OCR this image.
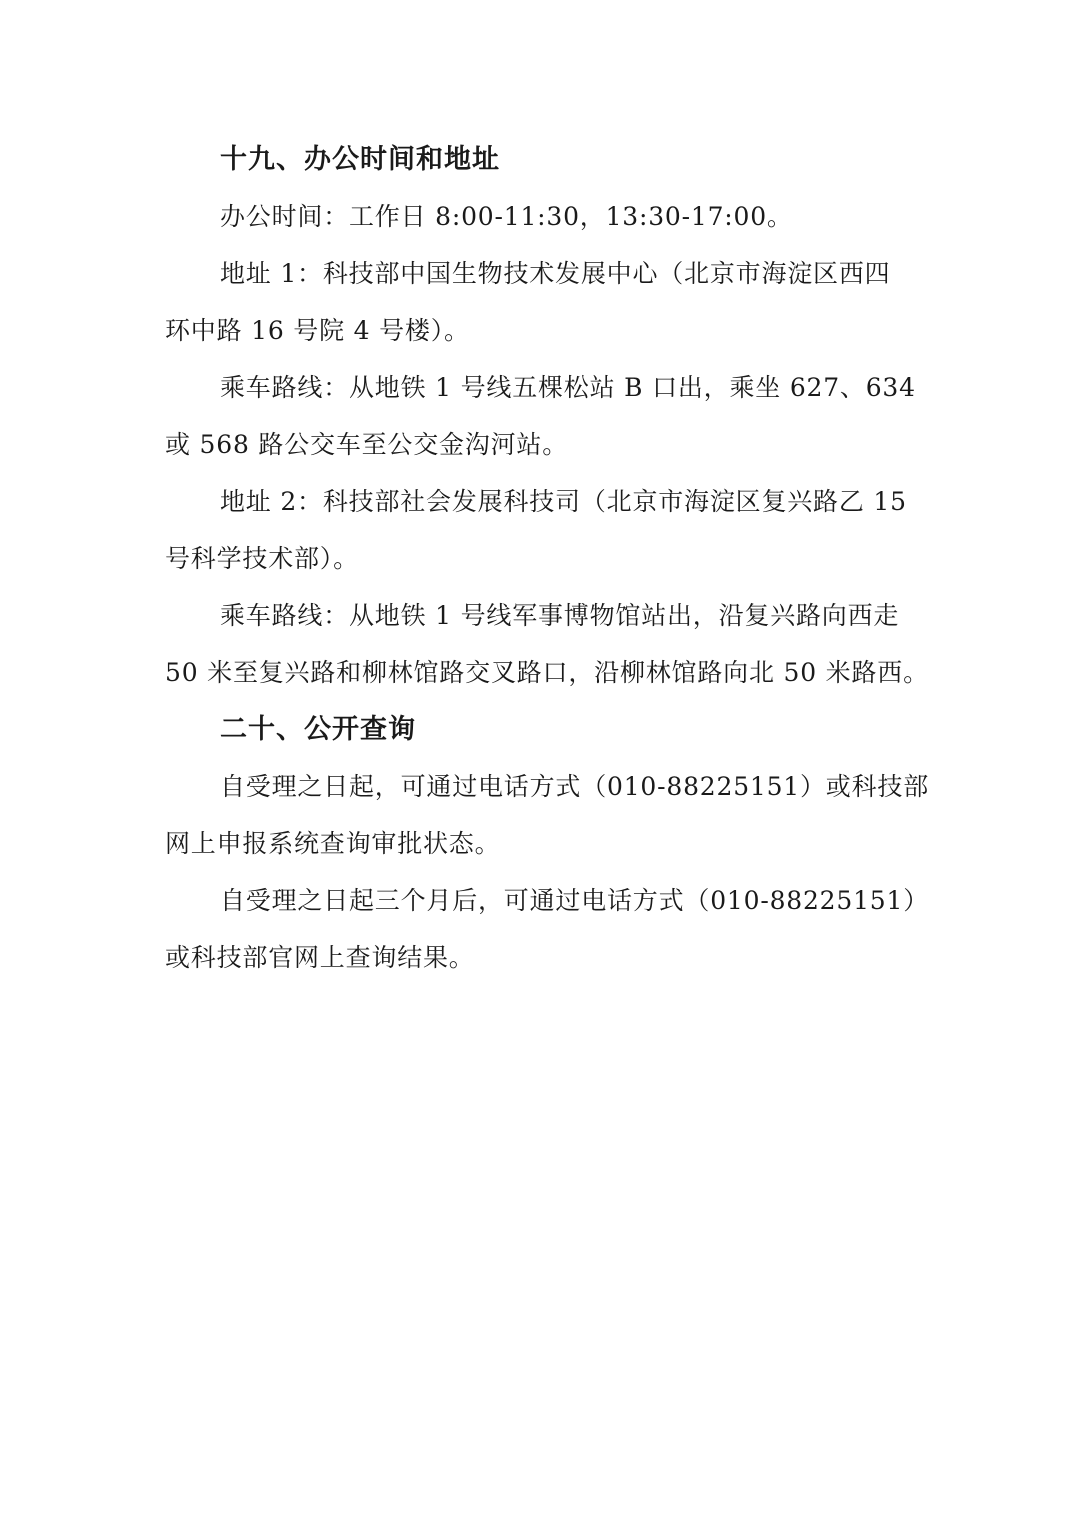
十九、办公时间和地址
办公时间：工作日 8:00-11:30，13:30-17:00。
地址 1：科技部中国生物技术发展中心（北京市海淀区西四
环中路 16 号院 4 号楼）。
乘车路线：从地铁 1 号线五棵松站 B 口出，乘坐 627、634
或 568 路公交车至公交金沟河站。
地址 2：科技部社会发展科技司（北京市海淀区复兴路乙 15
号科学技术部）。
乘车路线：从地铁 1 号线军事博物馆站出，沿复兴路向西走
50 米至复兴路和柳林馆路交叉路口，沿柳林馆路向北 50 米路西。
二十、公开查询
自受理之日起，可通过电话方式（010-88225151）或科技部
网上申报系统查询审批状态。
自受理之日起三个月后，可通过电话方式（010-88225151）
或科技部官网上查询结果。
